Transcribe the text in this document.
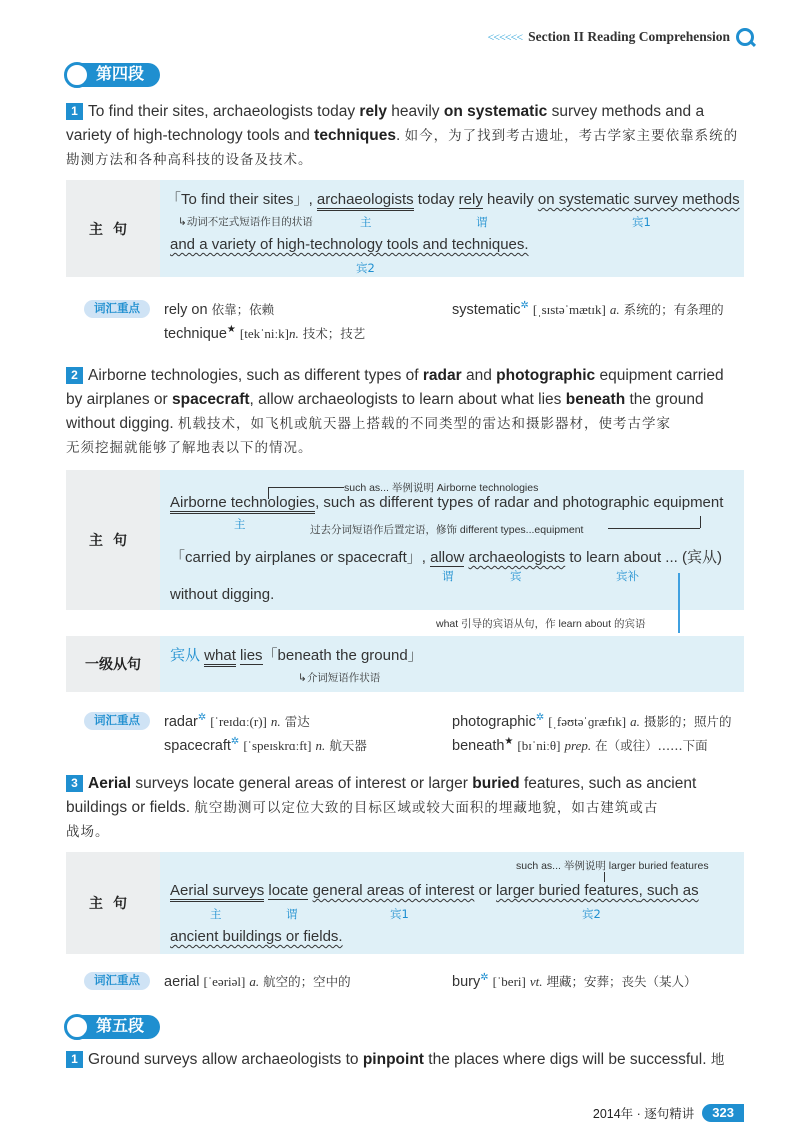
<<<<<< Section II Reading Comprehension
第四段
1 To find their sites, archaeologists today rely heavily on systematic survey methods and a variety of high-technology tools and techniques. 如今，为了找到考古遗址，考古学家主要依靠系统的勘测方法和各种高科技的设备及技术。
主句
「To find their sites」, archaeologists today rely heavily on systematic survey methods
↳动词不定式短语作目的状语	主	谓	宾1
and a variety of high-technology tools and techniques.
宾2
词汇重点	rely on 依靠；依赖	systematic✲ [ˌsɪstəˈmætɪk] a. 系统的；有条理的
technique★ [tekˈniːk]n. 技术；技艺
2 Airborne technologies, such as different types of radar and photographic equipment carried by airplanes or spacecraft, allow archaeologists to learn about what lies beneath the ground without digging. 机载技术，如飞机或航天器上搭载的不同类型的雷达和摄影器材，使考古学家
无须挖掘就能够了解地表以下的情况。
主句
such as... 举例说明 Airborne technologies
Airborne technologies, such as different types of radar and photographic equipment
主	过去分词短语作后置定语，修饰 different types...equipment
「carried by airplanes or spacecraft」, allow archaeologists to learn about ... (宾从)
谓	宾	宾补
without digging.
what 引导的宾语从句，作 learn about 的宾语
一级从句	宾从 what lies「beneath the ground」
↳介词短语作状语
词汇重点	radar✲ [ˈreɪdɑː(r)] n. 雷达	photographic✲ [ˌfəʊtəˈɡræfɪk] a. 摄影的；照片的
spacecraft✲ [ˈspeɪskrɑːft] n. 航天器	beneath★ [bɪˈniːθ] prep. 在（或往）……下面
3 Aerial surveys locate general areas of interest or larger buried features, such as ancient buildings or fields. 航空勘测可以定位大致的目标区域或较大面积的埋藏地貌，如古建筑或古
战场。
主句
such as... 举例说明 larger buried features
Aerial surveys locate general areas of interest or larger buried features, such as
主	谓	宾1	宾2
ancient buildings or fields.
词汇重点	aerial [ˈeəriəl] a. 航空的；空中的	bury✲ [ˈberi] vt. 埋藏；安葬；丧失（某人）
第五段
1 Ground surveys allow archaeologists to pinpoint the places where digs will be successful. 地
2014年 · 逐句精讲	323
